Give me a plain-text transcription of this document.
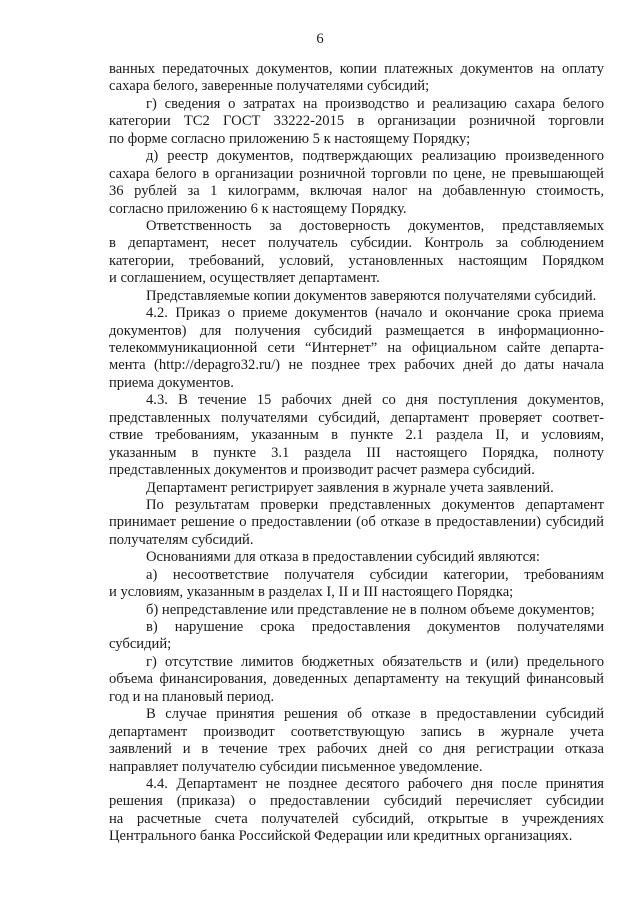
6
ванных передаточных документов, копии платежных документов на оплату
сахара белого, заверенные получателями субсидий;
г) сведения о затратах на производство и реализацию сахара белого
категории ТС2 ГОСТ 33222-2015 в организации розничной торговли
по форме согласно приложению 5 к настоящему Порядку;
д) реестр документов, подтверждающих реализацию произведенного
сахара белого в организации розничной торговли по цене, не превышающей
36 рублей за 1 килограмм, включая налог на добавленную стоимость,
согласно приложению 6 к настоящему Порядку.
Ответственность за достоверность документов, представляемых
в департамент, несет получатель субсидии. Контроль за соблюдением
категории, требований, условий, установленных настоящим Порядком
и соглашением, осуществляет департамент.
Представляемые копии документов заверяются получателями субсидий.
4.2. Приказ о приеме документов (начало и окончание срока приема
документов) для получения субсидий размещается в информационно-
телекоммуникационной сети “Интернет” на официальном сайте департа-
мента (http://depagro32.ru/) не позднее трех рабочих дней до даты начала
приема документов.
4.3. В течение 15 рабочих дней со дня поступления документов,
представленных получателями субсидий, департамент проверяет соответ-
ствие требованиям, указанным в пункте 2.1 раздела II, и условиям,
указанным в пункте 3.1 раздела III настоящего Порядка, полноту
представленных документов и производит расчет размера субсидий.
Департамент регистрирует заявления в журнале учета заявлений.
По результатам проверки представленных документов департамент
принимает решение о предоставлении (об отказе в предоставлении) субсидий
получателям субсидий.
Основаниями для отказа в предоставлении субсидий являются:
а) несоответствие получателя субсидии категории, требованиям
и условиям, указанным в разделах I, II и III настоящего Порядка;
б) непредставление или представление не в полном объеме документов;
в) нарушение срока предоставления документов получателями
субсидий;
г) отсутствие лимитов бюджетных обязательств и (или) предельного
объема финансирования, доведенных департаменту на текущий финансовый
год и на плановый период.
В случае принятия решения об отказе в предоставлении субсидий
департамент производит соответствующую запись в журнале учета
заявлений и в течение трех рабочих дней со дня регистрации отказа
направляет получателю субсидии письменное уведомление.
4.4. Департамент не позднее десятого рабочего дня после принятия
решения (приказа) о предоставлении субсидий перечисляет субсидии
на расчетные счета получателей субсидий, открытые в учреждениях
Центрального банка Российской Федерации или кредитных организациях.
